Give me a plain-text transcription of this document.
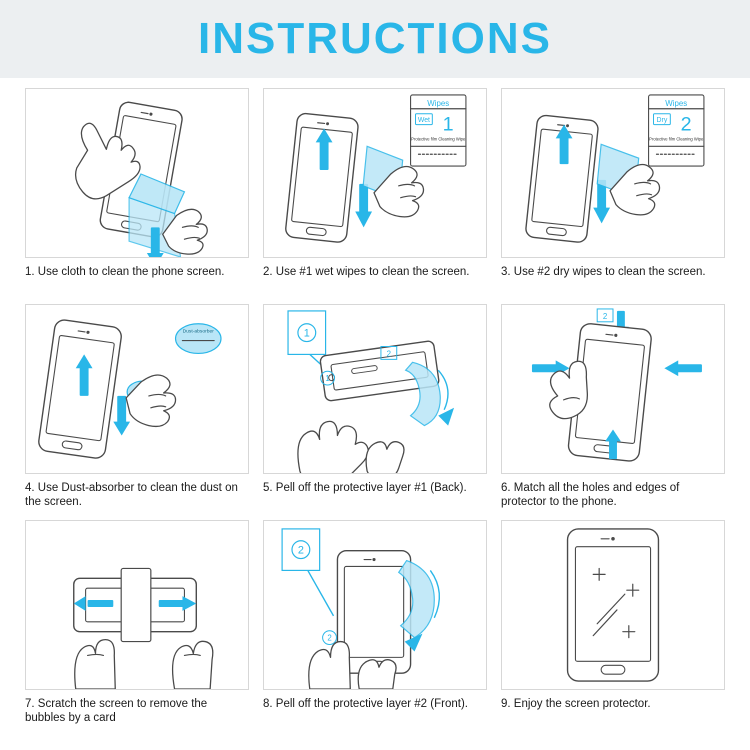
INSTRUCTIONS
1. Use cloth to clean the phone screen.
Wipes
Wet 1
Protective film Cleaning Wipe
2. Use #1 wet wipes to clean the screen.
Wipes
Dry 2
Protective film Cleaning Wipe
3. Use #2 dry wipes to clean the screen.
Dust-absorber
4. Use Dust-absorber to clean the dust on the screen.
1
2
1
5. Pell off the protective layer #1 (Back).
2
6. Match all the holes and edges of protector to the phone.
7. Scratch the screen to remove the bubbles by a card
2
2
8. Pell off the protective layer #2 (Front).	9. Enjoy the screen protector.
